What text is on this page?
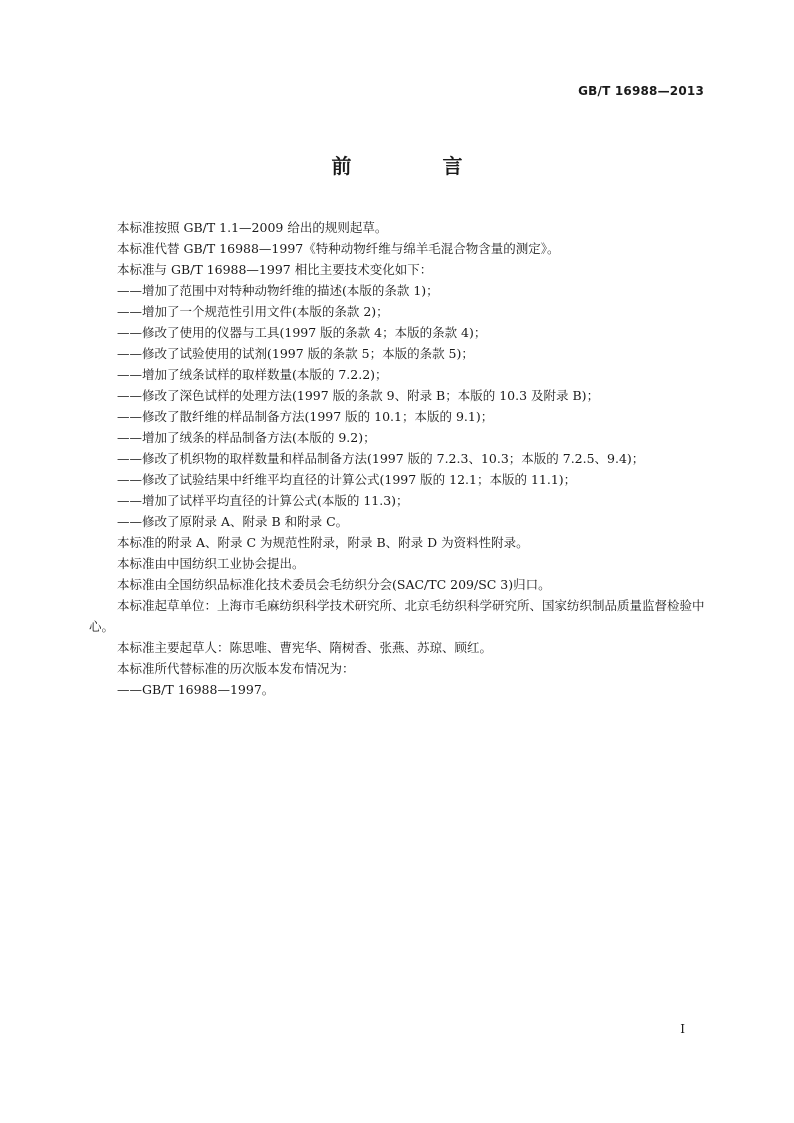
GB/T 16988—2013
前 言

本标准按照 GB/T 1.1—2009 给出的规则起草。

本标准代替 GB/T 16988—1997《特种动物纤维与绵羊毛混合物含量的测定》。

本标准与 GB/T 16988—1997 相比主要技术变化如下：

——增加了范围中对特种动物纤维的描述(本版的条款 1)；

——增加了一个规范性引用文件(本版的条款 2)；

——修改了使用的仪器与工具(1997 版的条款 4；本版的条款 4)；

——修改了试验使用的试剂(1997 版的条款 5；本版的条款 5)；

——增加了绒条试样的取样数量(本版的 7.2.2)；

——修改了深色试样的处理方法(1997 版的条款 9、附录 B；本版的 10.3 及附录 B)；

——修改了散纤维的样品制备方法(1997 版的 10.1；本版的 9.1)；

——增加了绒条的样品制备方法(本版的 9.2)；

——修改了机织物的取样数量和样品制备方法(1997 版的 7.2.3、10.3；本版的 7.2.5、9.4)；

——修改了试验结果中纤维平均直径的计算公式(1997 版的 12.1；本版的 11.1)；

——增加了试样平均直径的计算公式(本版的 11.3)；

——修改了原附录 A、附录 B 和附录 C。

本标准的附录 A、附录 C 为规范性附录，附录 B、附录 D 为资料性附录。

本标准由中国纺织工业协会提出。

本标准由全国纺织品标准化技术委员会毛纺织分会(SAC/TC 209/SC 3)归口。

本标准起草单位：上海市毛麻纺织科学技术研究所、北京毛纺织科学研究所、国家纺织制品质量监督检验中心。

本标准主要起草人：陈思唯、曹宪华、隋树香、张燕、苏琼、顾红。

本标准所代替标准的历次版本发布情况为：

——GB/T 16988—1997。

I
